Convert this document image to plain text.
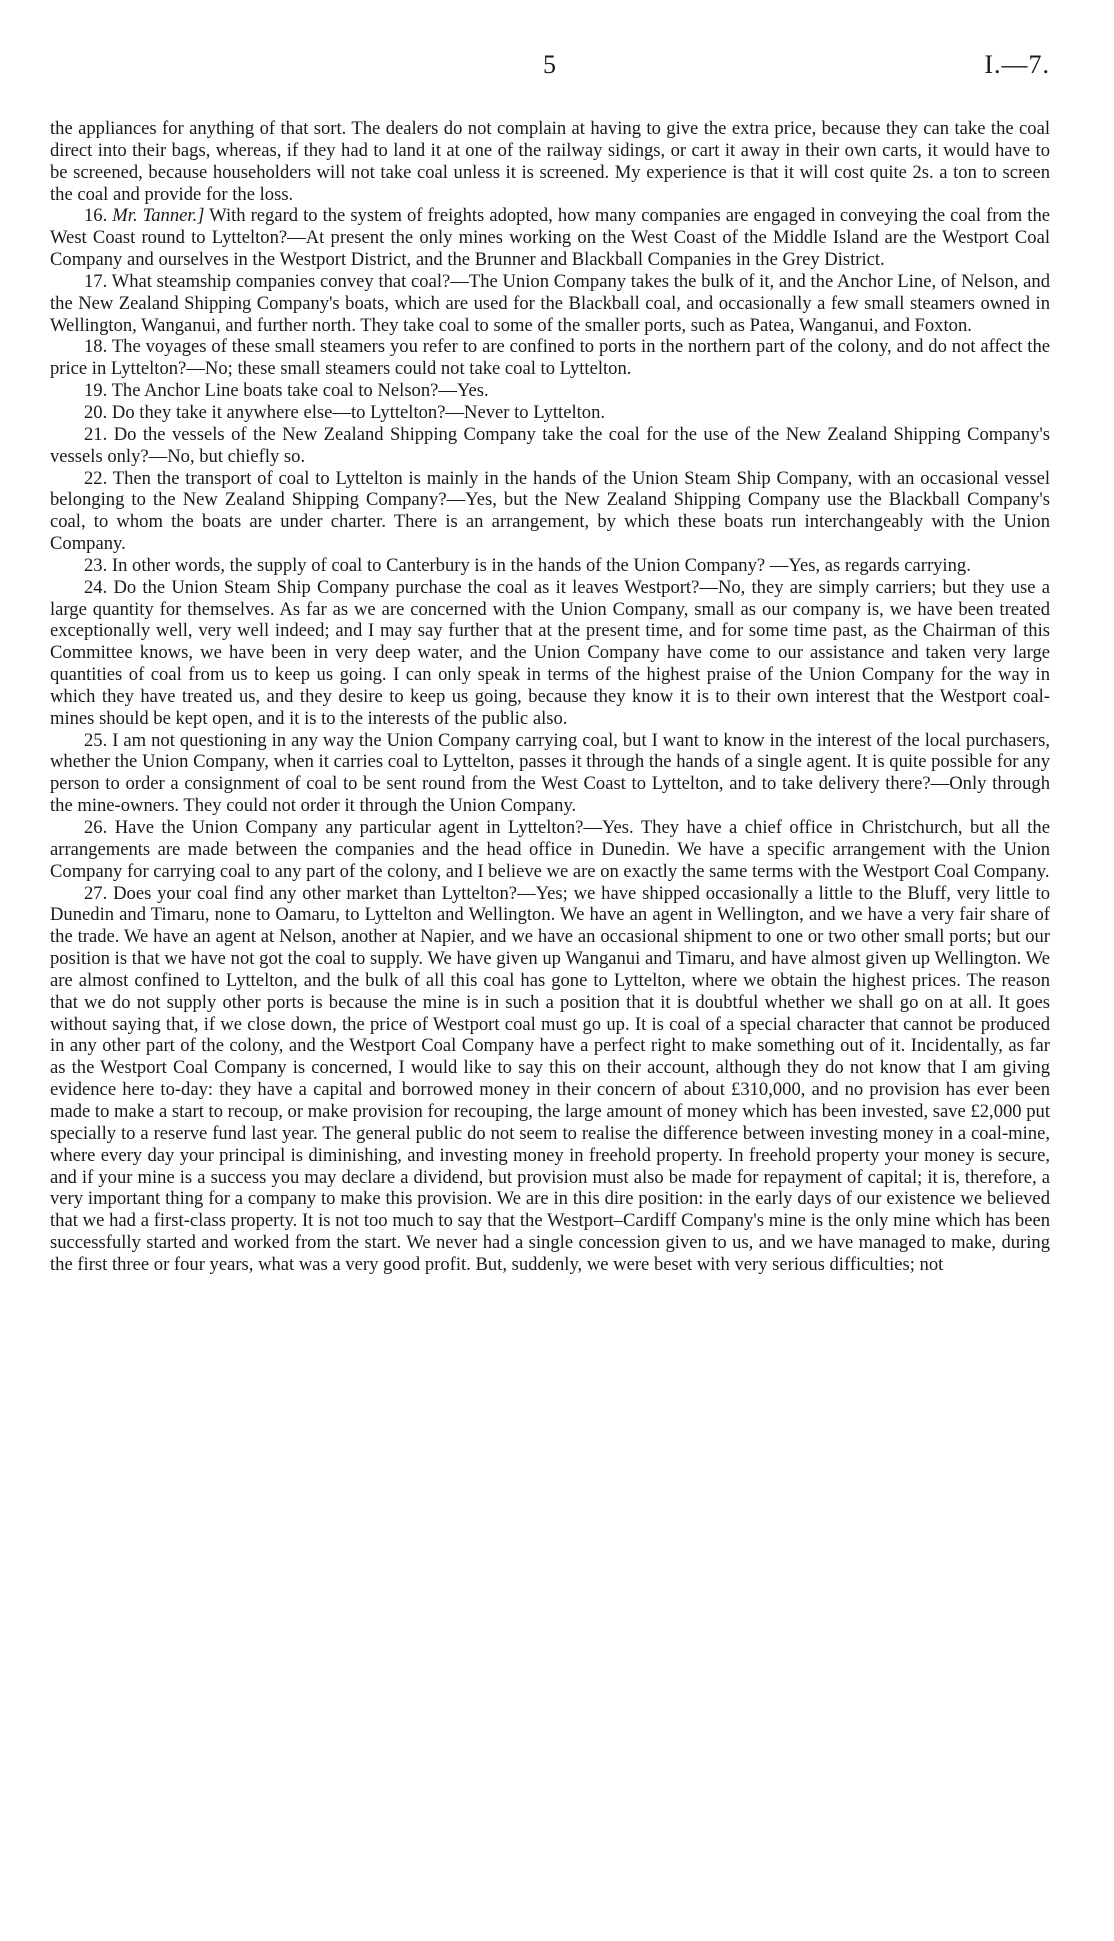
5	I.—7.

the appliances for anything of that sort. The dealers do not complain at having to give the extra price, because they can take the coal direct into their bags, whereas, if they had to land it at one of the railway sidings, or cart it away in their own carts, it would have to be screened, because householders will not take coal unless it is screened. My experience is that it will cost quite 2s. a ton to screen the coal and provide for the loss.

16. Mr. Tanner.] With regard to the system of freights adopted, how many companies are engaged in conveying the coal from the West Coast round to Lyttelton?—At present the only mines working on the West Coast of the Middle Island are the Westport Coal Company and ourselves in the Westport District, and the Brunner and Blackball Companies in the Grey District.

17. What steamship companies convey that coal?—The Union Company takes the bulk of it, and the Anchor Line, of Nelson, and the New Zealand Shipping Company's boats, which are used for the Blackball coal, and occasionally a few small steamers owned in Wellington, Wanganui, and further north. They take coal to some of the smaller ports, such as Patea, Wanganui, and Foxton.

18. The voyages of these small steamers you refer to are confined to ports in the northern part of the colony, and do not affect the price in Lyttelton?—No; these small steamers could not take coal to Lyttelton.

19. The Anchor Line boats take coal to Nelson?—Yes.

20. Do they take it anywhere else—to Lyttelton?—Never to Lyttelton.

21. Do the vessels of the New Zealand Shipping Company take the coal for the use of the New Zealand Shipping Company's vessels only?—No, but chiefly so.

22. Then the transport of coal to Lyttelton is mainly in the hands of the Union Steam Ship Company, with an occasional vessel belonging to the New Zealand Shipping Company?—Yes, but the New Zealand Shipping Company use the Blackball Company's coal, to whom the boats are under charter. There is an arrangement, by which these boats run interchangeably with the Union Company.

23. In other words, the supply of coal to Canterbury is in the hands of the Union Company? —Yes, as regards carrying.

24. Do the Union Steam Ship Company purchase the coal as it leaves Westport?—No, they are simply carriers; but they use a large quantity for themselves. As far as we are concerned with the Union Company, small as our company is, we have been treated exceptionally well, very well indeed; and I may say further that at the present time, and for some time past, as the Chairman of this Committee knows, we have been in very deep water, and the Union Company have come to our assistance and taken very large quantities of coal from us to keep us going. I can only speak in terms of the highest praise of the Union Company for the way in which they have treated us, and they desire to keep us going, because they know it is to their own interest that the Westport coal-mines should be kept open, and it is to the interests of the public also.

25. I am not questioning in any way the Union Company carrying coal, but I want to know in the interest of the local purchasers, whether the Union Company, when it carries coal to Lyttelton, passes it through the hands of a single agent. It is quite possible for any person to order a consignment of coal to be sent round from the West Coast to Lyttelton, and to take delivery there?—Only through the mine-owners. They could not order it through the Union Company.

26. Have the Union Company any particular agent in Lyttelton?—Yes. They have a chief office in Christchurch, but all the arrangements are made between the companies and the head office in Dunedin. We have a specific arrangement with the Union Company for carrying coal to any part of the colony, and I believe we are on exactly the same terms with the Westport Coal Company.

27. Does your coal find any other market than Lyttelton?—Yes; we have shipped occasionally a little to the Bluff, very little to Dunedin and Timaru, none to Oamaru, to Lyttelton and Wellington. We have an agent in Wellington, and we have a very fair share of the trade. We have an agent at Nelson, another at Napier, and we have an occasional shipment to one or two other small ports; but our position is that we have not got the coal to supply. We have given up Wanganui and Timaru, and have almost given up Wellington. We are almost confined to Lyttelton, and the bulk of all this coal has gone to Lyttelton, where we obtain the highest prices. The reason that we do not supply other ports is because the mine is in such a position that it is doubtful whether we shall go on at all. It goes without saying that, if we close down, the price of Westport coal must go up. It is coal of a special character that cannot be produced in any other part of the colony, and the Westport Coal Company have a perfect right to make something out of it. Incidentally, as far as the Westport Coal Company is concerned, I would like to say this on their account, although they do not know that I am giving evidence here to-day: they have a capital and borrowed money in their concern of about £310,000, and no provision has ever been made to make a start to recoup, or make provision for recouping, the large amount of money which has been invested, save £2,000 put specially to a reserve fund last year. The general public do not seem to realise the difference between investing money in a coal-mine, where every day your principal is diminishing, and investing money in freehold property. In freehold property your money is secure, and if your mine is a success you may declare a dividend, but provision must also be made for repayment of capital; it is, therefore, a very important thing for a company to make this provision. We are in this dire position: in the early days of our existence we believed that we had a first-class property. It is not too much to say that the Westport–Cardiff Company's mine is the only mine which has been successfully started and worked from the start. We never had a single concession given to us, and we have managed to make, during the first three or four years, what was a very good profit. But, suddenly, we were beset with very serious difficulties; not
